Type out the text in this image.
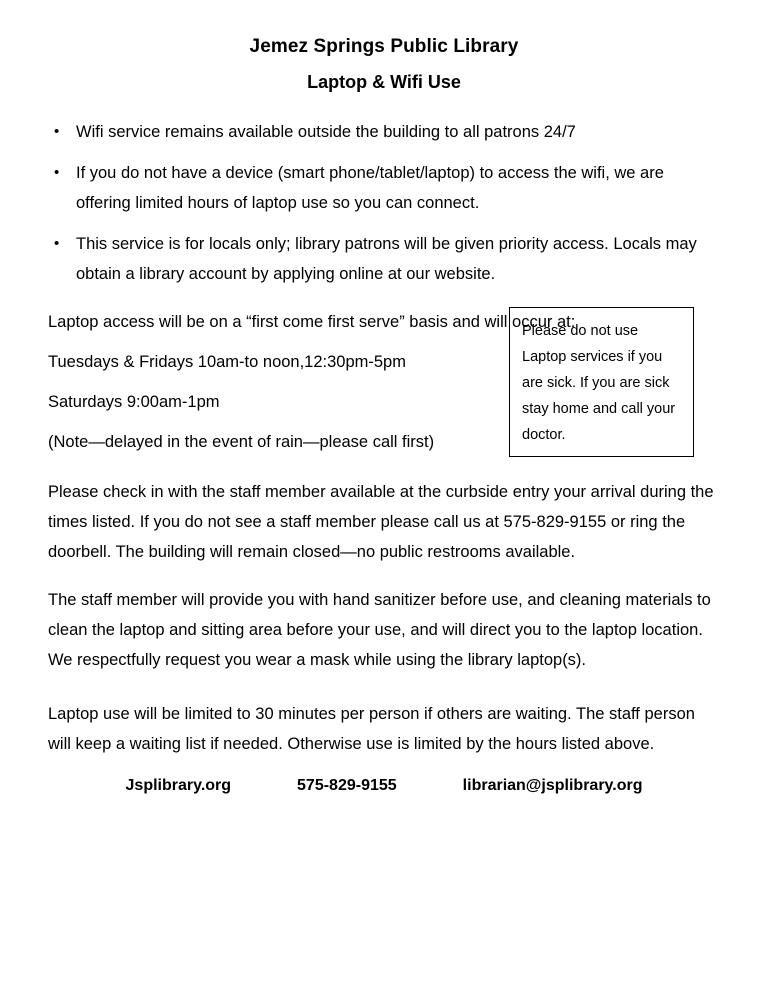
Jemez Springs Public Library
Laptop & Wifi Use
• Wifi service remains available outside the building to all patrons 24/7
• If you do not have a device (smart phone/tablet/laptop) to access the wifi, we are offering limited hours of laptop use so you can connect.
• This service is for locals only; library patrons will be given priority access. Locals may obtain a library account by applying online at our website.
Laptop access will be on a “first come first serve” basis and will occur at:
Tuesdays & Fridays 10am-to noon,12:30pm-5pm
Saturdays 9:00am-1pm
(Note—delayed in the event of rain—please call first)

Please do not use Laptop services if you are sick. If you are sick stay home and call your doctor.

Please check in with the staff member available at the curbside entry your arrival during the times listed. If you do not see a staff member please call us at 575-829-9155 or ring the doorbell. The building will remain closed—no public restrooms available.

The staff member will provide you with hand sanitizer before use, and cleaning materials to clean the laptop and sitting area before your use, and will direct you to the laptop location. We respectfully request you wear a mask while using the library laptop(s).

Laptop use will be limited to 30 minutes per person if others are waiting. The staff person will keep a waiting list if needed. Otherwise use is limited by the hours listed above.

Jsplibrary.org	575-829-9155	librarian@jsplibrary.org
